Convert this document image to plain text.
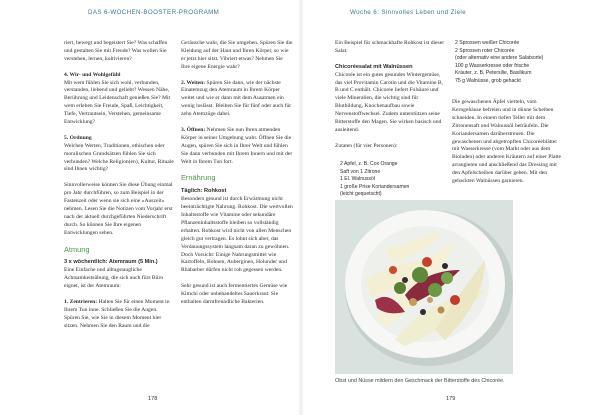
DAS 6-WOCHEN-BOOSTER-PROGRAMM	Woche 6: Sinnvolles Leben und Ziele

riert, bewegt und begeistert Sie? Was schaffen und gestalten Sie mit Freude? Was wollen Sie verstehen, lernen, kultivieren?

4. Wir- und Wohlgefühl

Mit wem fühlen Sie sich wohl, verbunden, verstanden, liebend und geliebt? Wessen Nähe, Berührung und Leidenschaft genießen Sie? Mit wem erleben Sie Freude, Spaß, Leichtigkeit, Tiefe, Vertrautsein, Verstehen, gemeinsame Entwicklung?

5. Ordnung

Welchen Werten, Traditionen, ethischen oder moralischen Grundsätzen fühlen Sie sich verbunden? Welche Religion(en), Kultur, Rituale sind Ihnen wichtig?

Sinnvollerweise können Sie diese Übung einmal pro Jahr durchführen, so zum Beispiel in der Fastenzeit oder wenn sie sich eine »Auszeit« nehmen. Lesen Sie die Notizen vom Vorjahr erst nach der aktuell durchgeführten Niederschrift durch. So können Sie Ihre eigenen Entwicklungen sehen.

Atmung
3 x wöchentlich: Atemraum (5 Min.)

Eine Einfache und alltagstaugliche Achtsamkeitsübung, die sich auch fürs Büro eignet, ist der Atemraum:

1. Zentrieren: Halten Sie für einen Moment in Ihrem Tun inne. Schließen Sie die Augen. Spüren Sie, wie Sie in diesem Moment hier sitzen. Nehmen Sie den Raum und die

Geräusche wahr, die Sie umgeben. Spüren Sie die Kleidung auf der Haut und Ihren Körper, so wie er jetzt hier sitzt. Vibriert etwas? Nehmen Sie Ihre eigene Energie wahr?

2. Weiten: Spüren Sie dann, wie der nächste Einatemzug den Atemraum in Ihrem Körper weitet und wie er dann mit dem Ausatmen ein wenig loslässt. Bleiben Sie für fünf oder auch für zehn Atemzüge dabei.

3. Öffnen: Nehmen Sie nun Ihren atmenden Körper in seiner Umgebung wahr. Öffnen Sie die Augen, spüren Sie sich in Ihrer Welt und fühlen Sie dann verbunden mit Ihrem Innern und mit der Welt in Ihrem Tun fort.

Ernährung
Täglich: Rohkost

Besonders gesund ist durch Erwärmung nicht beeinträchtigte Nahrung. Rohkost. Die wertvollen Inhaltsstoffe wie Vitamine oder sekundäre Pflanzeninhaltsstoffe bleiben so vollständig erhalten. Rohkost wird nicht von allen Menschen gleich gut vertragen. Es lohnt sich aber, das Verdauungssystem langsam daran zu gewöhnen. Doch Vorsicht: Einige Nahrungsmittel wie Kartoffeln, Bohnen, Auberginen, Holunder und Rhabarber dürfen nicht roh gegessen werden.

Sehr gesund ist auch fermentiertes Gemüse wie Kimchi oder unbehandeltes Sauerkraut. Sie enthalten darmfreundliche Bakterien.

Ein Beispiel für schmackhafte Rohkost ist dieser Salat:

Chicoréesalat mit Walnüssen

Chicorée ist ein gutes gesundes Wintergemüse, das viel Provitamin Carotin und die Vitamine B, B und C enthält. Chicorée liefert Folsäure und viele Mineralien, die wichtig sind für Blutbildung, Knochenaufbau sowie Nervenstoffwechsel. Zudem unterstützen seine Bitterstoffe den Magen. Sie wirken basisch und ausleitend.

Zutaten (für vier Personen):
2 Apfel, z. B. Cox Orange
Saft von 1 Zitrone
1 El. Walnussöl
1 große Prise Koriandersamen
(leicht gequetscht)
2 Sprossen weißer Chicorée
2 Sprossen roter Chicorée
(oder alternativ eine andere Salatsorte)
100 g Wasserkresse oder frische
Kräuter, z. B. Petersilie, Basilikum
75 g Walnüsse, grob gehackt

Die gewaschenen Äpfel vierteln, vom Kerngehäuse befreien und in dünne Scheiben schneiden. In einem tiefen Teller mit dem Zitronensaft und Walnussöl beträufeln. Die Koriandersamen darüberstreuen. Die gewaschenen und abgetropften Chicoréeblätter mit Wasserkresse (vom Markt oder aus dem Bioladen) oder anderen Kräutern auf einer Platte arrangieren und anschließend das Dressing mit den Apfelscheiben darüber geben. Mit den gehackten Walnüssen garnieren.

Obst und Nüsse mildern den Geschmack der Bitterstoffe des Chicorée.
178	179
